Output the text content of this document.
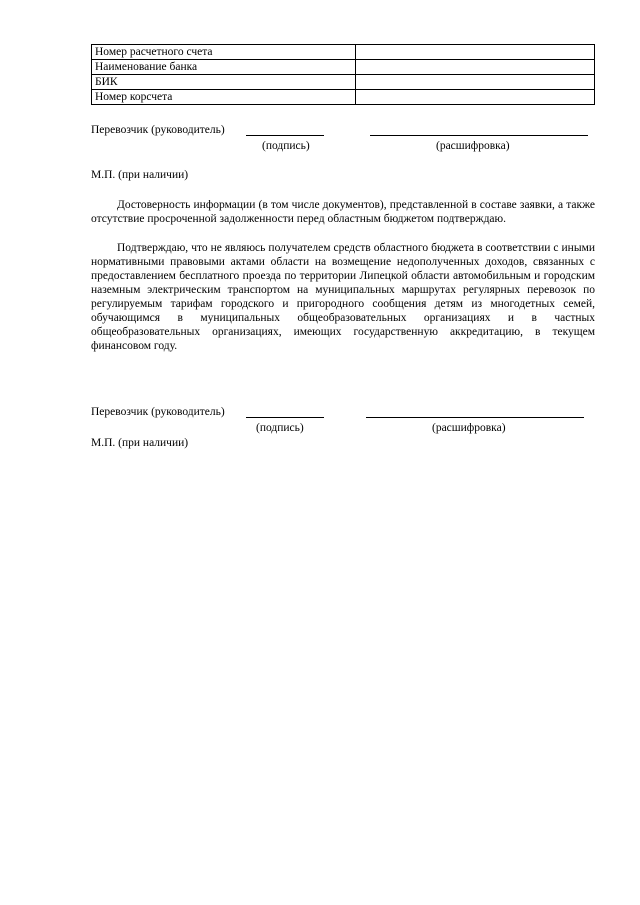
Номер расчетного счета	
Наименование банка	
БИК	
Номер корсчета	
Перевозчик (руководитель)
(подпись)	(расшифровка)
М.П. (при наличии)
Достоверность информации (в том числе документов), представленной в составе заявки, а также отсутствие просроченной задолженности перед областным бюджетом подтверждаю.
Подтверждаю, что не являюсь получателем средств областного бюджета в соответствии с иными нормативными правовыми актами области на возмещение недополученных доходов, связанных с предоставлением бесплатного проезда по территории Липецкой области автомобильным и городским наземным электрическим транспортом на муниципальных маршрутах регулярных перевозок по регулируемым тарифам городского и пригородного сообщения детям из многодетных семей, обучающимся в муниципальных общеобразовательных организациях и в частных общеобразовательных организациях, имеющих государственную аккредитацию, в текущем финансовом году.
Перевозчик (руководитель)
(подпись)	(расшифровка)
М.П. (при наличии)
